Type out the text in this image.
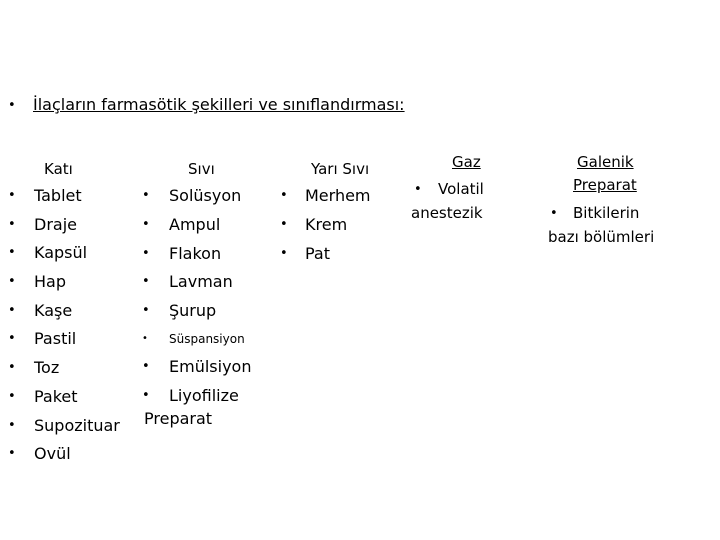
• İlaçların farmasötik şekilleri ve sınıflandırması:
Katı
• Tablet
• Draje
• Kapsül
• Hap
• Kaşe
• Pastil
• Toz
• Paket
• Supozituar
• Ovül
Sıvı
• Solüsyon
• Ampul
• Flakon
• Lavman
• Şurup
• Süspansiyon
• Emülsiyon
• Liyofilize
Preparat
Yarı Sıvı
• Merhem
• Krem
• Pat
Gaz
• Volatil
anestezik
Galenik
Preparat
• Bitkilerin
bazı bölümleri
